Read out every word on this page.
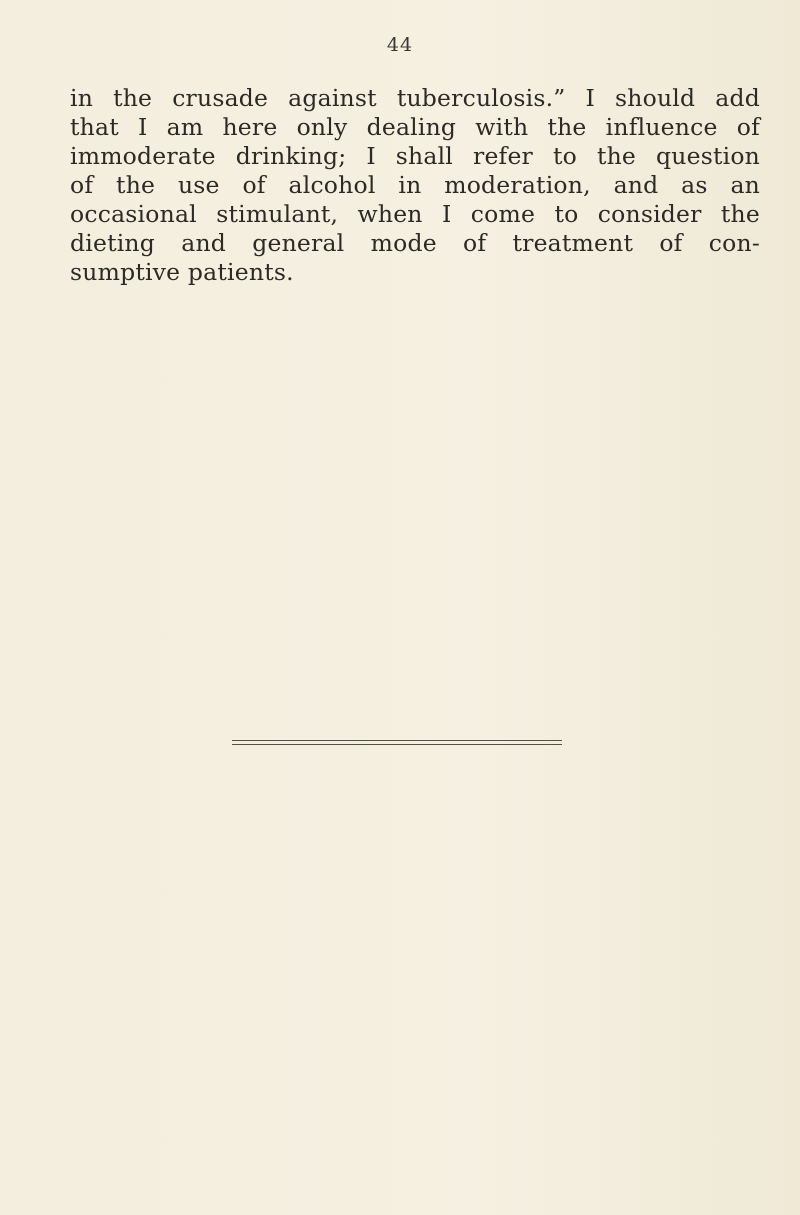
44
in the crusade against tuberculosis.” I should add
that I am here only dealing with the influence of
immoderate drinking; I shall refer to the question
of the use of alcohol in moderation, and as an
occasional stimulant, when I come to consider the
dieting and general mode of treatment of con-
sumptive patients.
